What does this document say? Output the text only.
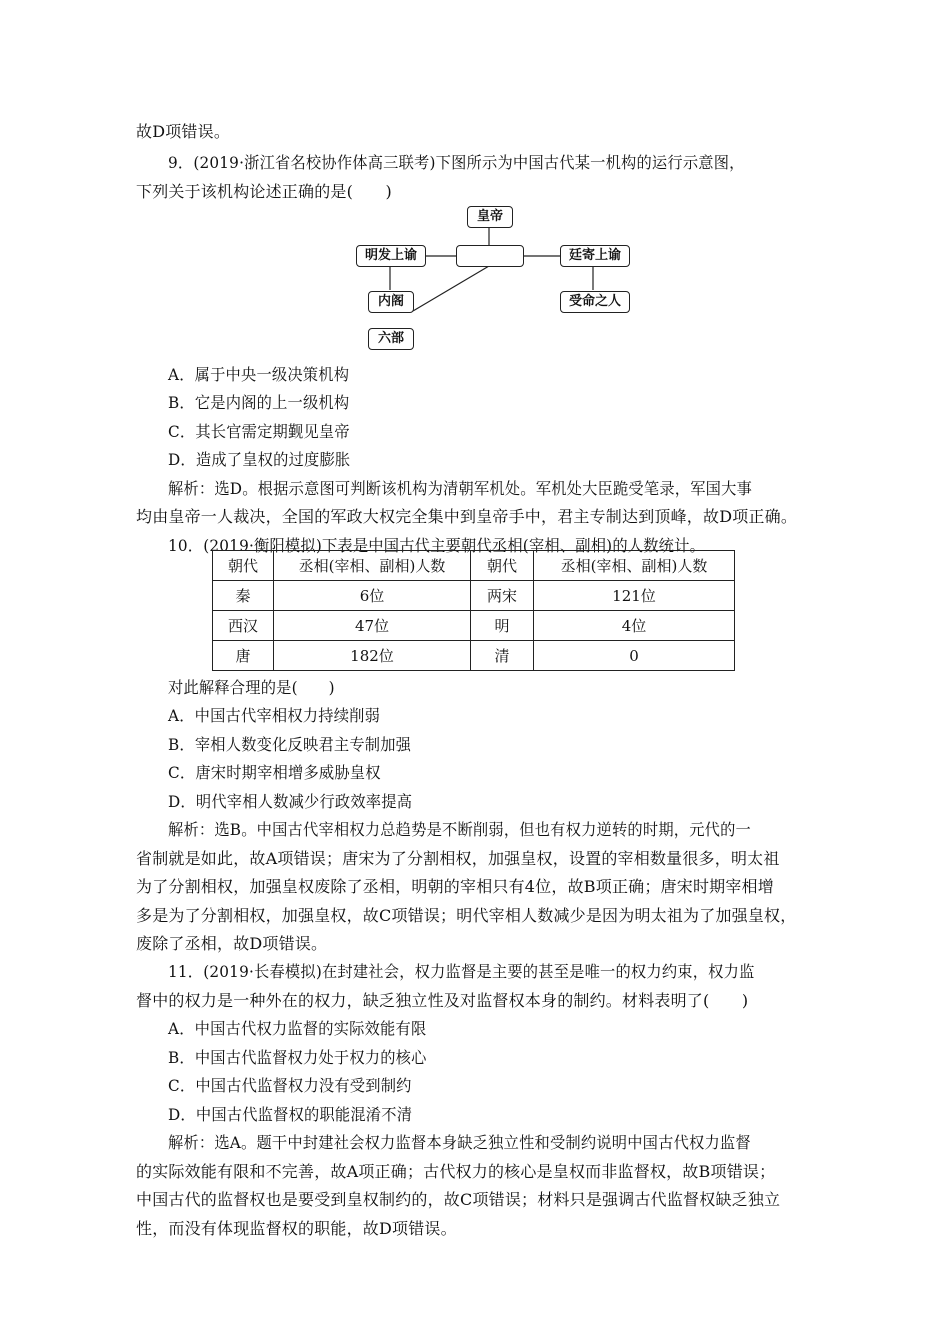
故D项错误。
9．(2019·浙江省名校协作体高三联考)下图所示为中国古代某一机构的运行示意图，
下列关于该机构论述正确的是(　　)
皇帝
明发上谕	廷寄上谕
内阁	受命之人
六部
A．属于中央一级决策机构
B．它是内阁的上一级机构
C．其长官需定期觐见皇帝
D．造成了皇权的过度膨胀
解析：选D。根据示意图可判断该机构为清朝军机处。军机处大臣跪受笔录，军国大事
均由皇帝一人裁决，全国的军政大权完全集中到皇帝手中，君主专制达到顶峰，故D项正确。
10．(2019·衡阳模拟)下表是中国古代主要朝代丞相(宰相、副相)的人数统计。
朝代	丞相(宰相、副相)人数	朝代	丞相(宰相、副相)人数
秦	6位	两宋	121位
西汉	47位	明	4位
唐	182位	清	0
对此解释合理的是(　　)
A．中国古代宰相权力持续削弱
B．宰相人数变化反映君主专制加强
C．唐宋时期宰相增多威胁皇权
D．明代宰相人数减少行政效率提高
解析：选B。中国古代宰相权力总趋势是不断削弱，但也有权力逆转的时期，元代的一
省制就是如此，故A项错误；唐宋为了分割相权，加强皇权，设置的宰相数量很多，明太祖
为了分割相权，加强皇权废除了丞相，明朝的宰相只有4位，故B项正确；唐宋时期宰相增
多是为了分割相权，加强皇权，故C项错误；明代宰相人数减少是因为明太祖为了加强皇权，
废除了丞相，故D项错误。
11．(2019·长春模拟)在封建社会，权力监督是主要的甚至是唯一的权力约束，权力监
督中的权力是一种外在的权力，缺乏独立性及对监督权本身的制约。材料表明了(　　)
A．中国古代权力监督的实际效能有限
B．中国古代监督权力处于权力的核心
C．中国古代监督权力没有受到制约
D．中国古代监督权的职能混淆不清
解析：选A。题干中封建社会权力监督本身缺乏独立性和受制约说明中国古代权力监督
的实际效能有限和不完善，故A项正确；古代权力的核心是皇权而非监督权，故B项错误；
中国古代的监督权也是要受到皇权制约的，故C项错误；材料只是强调古代监督权缺乏独立
性，而没有体现监督权的职能，故D项错误。
